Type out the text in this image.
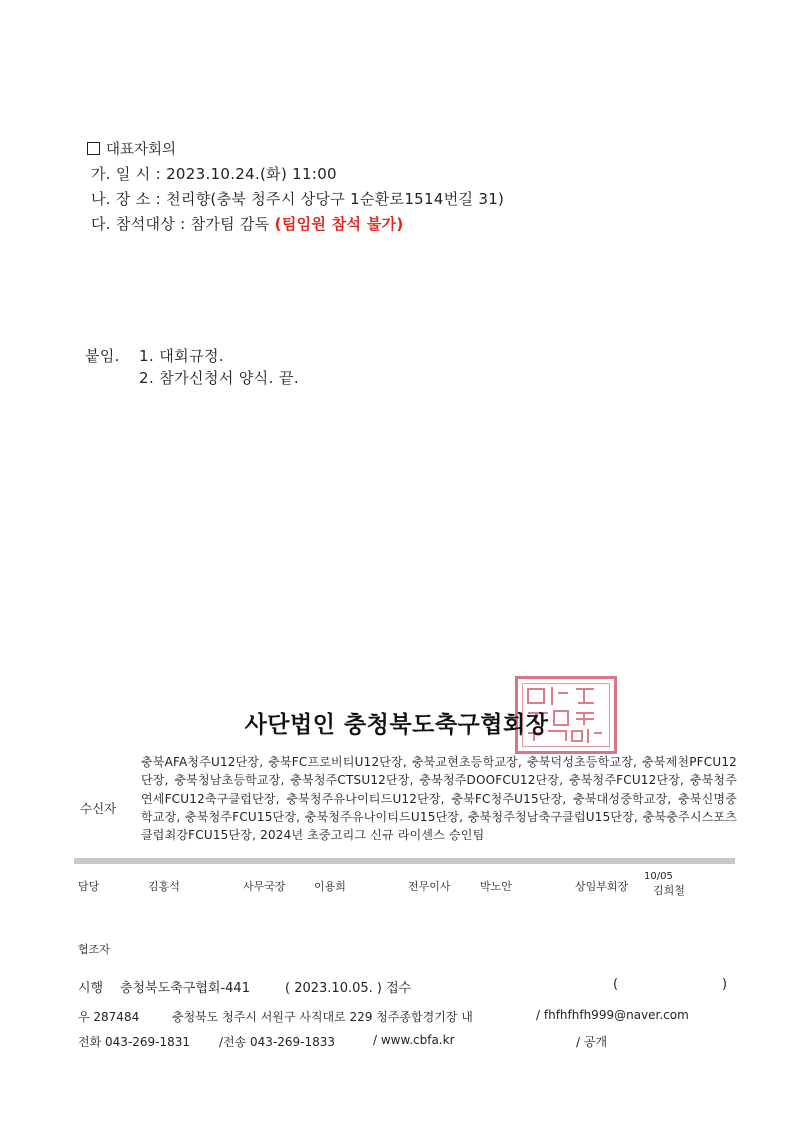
대표자회의
가. 일 시 : 2023.10.24.(화) 11:00
나. 장 소 : 천리향(충북 청주시 상당구 1순환로1514번길 31)
다. 참석대상 : 참가팀 감독 (팀임원 참석 불가)
붙임. 1. 대회규정.
2. 참가신청서 양식. 끝.
사단법인 충청북도축구협회장
수신자
충북AFA청주U12단장, 충북FC프로비티U12단장, 충북교현초등학교장, 충북덕성초등학교장, 충북제천PFCU12단장, 충북청남초등학교장, 충북청주CTSU12단장, 충북청주DOOFCU12단장, 충북청주FCU12단장, 충북청주연세FCU12축구클럽단장, 충북청주유나이티드U12단장, 충북FC청주U15단장, 충북대성중학교장, 충북신명중학교장, 충북청주FCU15단장, 충북청주유나이티드U15단장, 충북청주청남축구클럽U15단장, 충북충주시스포츠클럽최강FCU15단장, 2024년 초중고리그 신규 라이센스 승인팀
담당	김홍석	사무국장	이용희	전무이사	박노안	상임부회장
10/05
김희철
협조자
시행 충청북도축구협회-441	( 2023.10.05. ) 접수	(	)
우 287484	충청북도 청주시 서원구 사직대로 229 청주종합경기장 내	/ fhfhfhfh999@naver.com
전화 043-269-1831 /전송 043-269-1833	/ www.cbfa.kr	/ 공개
